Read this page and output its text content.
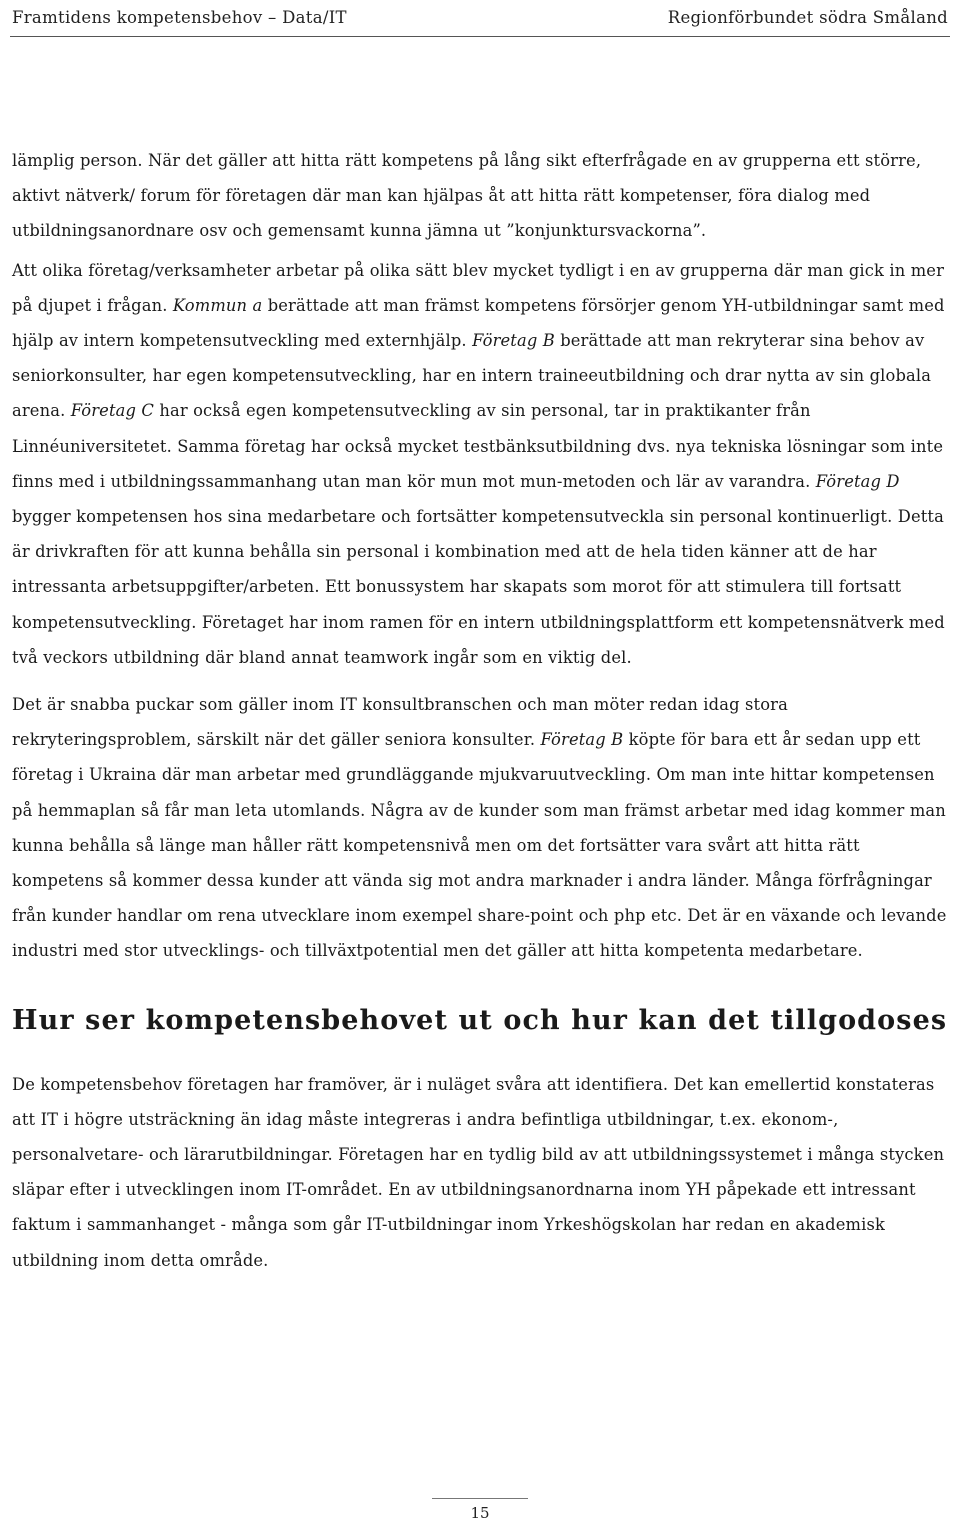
Framtidens kompetensbehov – Data/IT	Regionförbundet södra Småland

lämplig person. När det gäller att hitta rätt kompetens på lång sikt efterfrågade en av grupperna ett större, aktivt nätverk/ forum för företagen där man kan hjälpas åt att hitta rätt kompetenser, föra dialog med utbildningsanordnare osv och gemensamt kunna jämna ut ”konjunktursvackorna”.

Att olika företag/verksamheter arbetar på olika sätt blev mycket tydligt i en av grupperna där man gick in mer på djupet i frågan. Kommun a berättade att man främst kompetens försörjer genom YH-utbildningar samt med hjälp av intern kompetensutveckling med externhjälp. Företag B berättade att man rekryterar sina behov av seniorkonsulter, har egen kompetensutveckling, har en intern traineeutbildning och drar nytta av sin globala arena. Företag C har också egen kompetensutveckling av sin personal, tar in praktikanter från Linnéuniversitetet. Samma företag har också mycket testbänksutbildning dvs. nya tekniska lösningar som inte finns med i utbildningssammanhang utan man kör mun mot mun-metoden och lär av varandra. Företag D bygger kompetensen hos sina medarbetare och fortsätter kompetensutveckla sin personal kontinuerligt. Detta är drivkraften för att kunna behålla sin personal i kombination med att de hela tiden känner att de har intressanta arbetsuppgifter/arbeten. Ett bonussystem har skapats som morot för att stimulera till fortsatt kompetensutveckling. Företaget har inom ramen för en intern utbildningsplattform ett kompetensnätverk med två veckors utbildning där bland annat teamwork ingår som en viktig del.

Det är snabba puckar som gäller inom IT konsultbranschen och man möter redan idag stora rekryteringsproblem, särskilt när det gäller seniora konsulter. Företag B köpte för bara ett år sedan upp ett företag i Ukraina där man arbetar med grundläggande mjukvaruutveckling. Om man inte hittar kompetensen på hemmaplan så får man leta utomlands. Några av de kunder som man främst arbetar med idag kommer man kunna behålla så länge man håller rätt kompetensnivå men om det fortsätter vara svårt att hitta rätt kompetens så kommer dessa kunder att vända sig mot andra marknader i andra länder. Många förfrågningar från kunder handlar om rena utvecklare inom exempel share-point och php etc. Det är en växande och levande industri med stor utvecklings- och tillväxtpotential men det gäller att hitta kompetenta medarbetare.

Hur ser kompetensbehovet ut och hur kan det tillgodoses

De kompetensbehov företagen har framöver, är i nuläget svåra att identifiera. Det kan emellertid konstateras att IT i högre utsträckning än idag måste integreras i andra befintliga utbildningar, t.ex. ekonom-, personalvetare- och lärarutbildningar. Företagen har en tydlig bild av att utbildningssystemet i många stycken släpar efter i utvecklingen inom IT-området. En av utbildningsanordnarna inom YH påpekade ett intressant faktum i sammanhanget - många som går IT-utbildningar inom Yrkeshögskolan har redan en akademisk utbildning inom detta område.

15
